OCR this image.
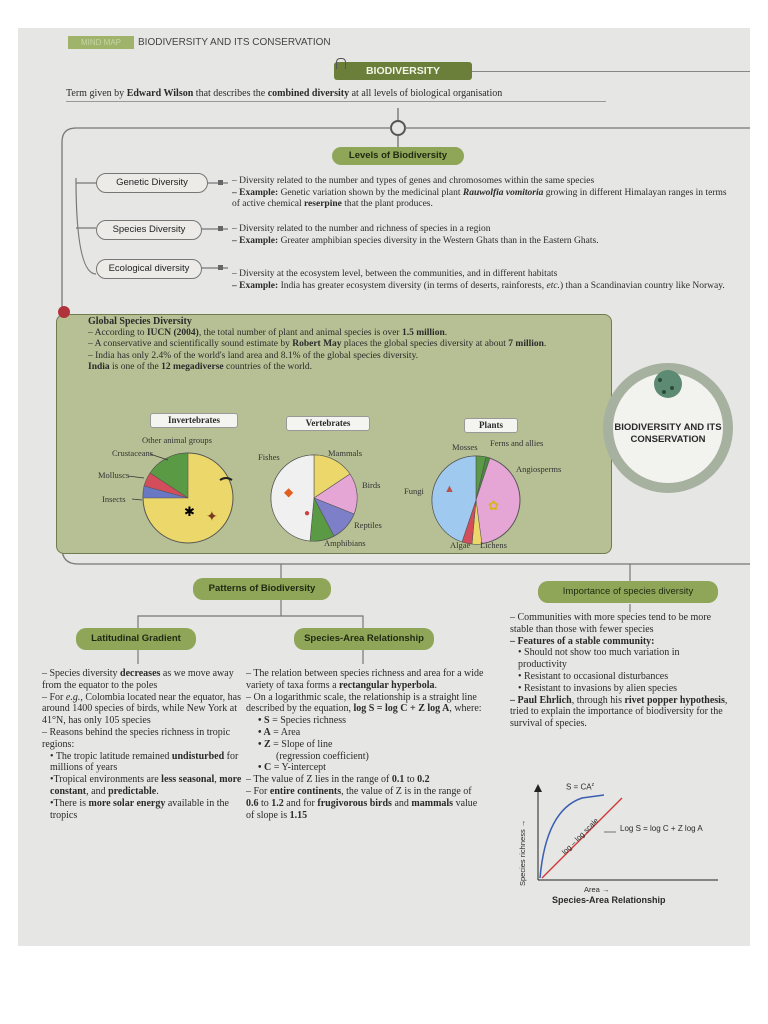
MIND MAP	BIODIVERSITY AND ITS CONSERVATION
BIODIVERSITY
Term given by Edward Wilson that describes the combined diversity at all levels of biological organisation
Levels of Biodiversity
Genetic Diversity	– Diversity related to the number and types of genes and chromosomes within the same species
– Example: Genetic variation shown by the medicinal plant Rauwolfia vomitoria growing in different Himalayan ranges in terms of active chemical reserpine that the plant produces.
Species Diversity	– Diversity related to the number and richness of species in a region
– Example: Greater amphibian species diversity in the Western Ghats than in the Eastern Ghats.
Ecological diversity	– Diversity at the ecosystem level, between the communities, and in different habitats
– Example: India has greater ecosystem diversity (in terms of deserts, rainforests, etc.) than a Scandinavian country like Norway.
Global Species Diversity
– According to IUCN (2004), the total number of plant and animal species is over 1.5 million.
– A conservative and scientifically sound estimate by Robert May places the global species diversity at about 7 million.
– India has only 2.4% of the world's land area and 8.1% of the global species diversity.
India is one of the 12 megadiverse countries of the world.
Invertebrates	Vertebrates	Plants
✱ ✦
Other animal groups
Crustaceans
Molluscs
Insects	◆
●
Fishes	Mammals
Birds
Reptiles
Amphibians
▲
✿
Mosses Ferns and allies
Angiosperms
Fungi
Algae Lichens
BIODIVERSITY AND ITS CONSERVATION
Patterns of Biodiversity
Latitudinal Gradient	Species-Area Relationship
Importance of species diversity
– Species diversity decreases as we move away from the equator to the poles
– For e.g., Colombia located near the equator, has around 1400 species of birds, while New York at 41°N, has only 105 species
– Reasons behind the species richness in tropic regions:
• The tropic latitude remained undisturbed for millions of years
•Tropical environments are less seasonal, more constant, and predictable.
•There is more solar energy available in the tropics
– The relation between species richness and area for a wide variety of taxa forms a rectangular hyperbola.
– On a logarithmic scale, the relationship is a straight line described by the equation, log S = log C + Z log A, where:
• S = Species richness
• A = Area
• Z = Slope of line
(regression coefficient)
• C = Y-intercept
– The value of Z lies in the range of 0.1 to 0.2
– For entire continents, the value of Z is in the range of 0.6 to 1.2 and for frugivorous birds and mammals value of slope is 1.15
– Communities with more species tend to be more stable than those with fewer species
– Features of a stable community:
• Should not show too much variation in productivity
• Resistant to occasional disturbances
• Resistant to invasions by alien species
– Paul Ehrlich, through his rivet popper hypothesis, tried to explain the importance of biodiversity for the survival of species.
$S = CA^z$
log – log scale Log S = log C + Z log A
Species richness →
Area →
Species-Area Relationship
